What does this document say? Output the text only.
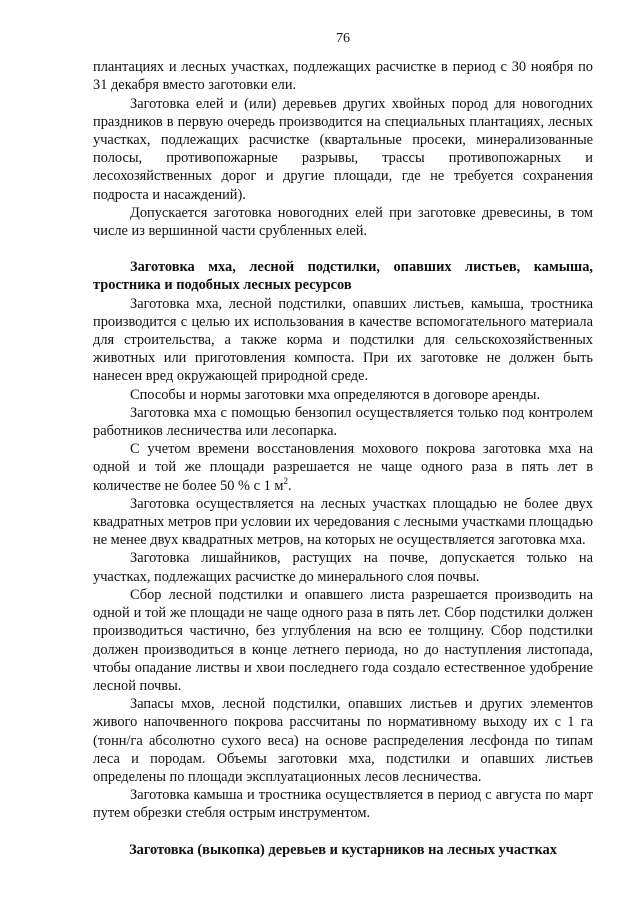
76

плантациях и лесных участках, подлежащих расчистке в период с 30 ноября по 31 декабря вместо заготовки ели.

Заготовка елей и (или) деревьев других хвойных пород для новогодних праздников в первую очередь производится на специальных плантациях, лесных участках, подлежащих расчистке (квартальные просеки, минерализованные полосы, противопожарные разрывы, трассы противопожарных и лесохозяйственных дорог и другие площади, где не требуется сохранения подроста и насаждений).

Допускается заготовка новогодних елей при заготовке древесины, в том числе из вершинной части срубленных елей.

Заготовка мха, лесной подстилки, опавших листьев, камыша, тростника и подобных лесных ресурсов

Заготовка мха, лесной подстилки, опавших листьев, камыша, тростника производится с целью их использования в качестве вспомогательного материала для строительства, а также корма и подстилки для сельскохозяйственных животных или приготовления компоста. При их заготовке не должен быть нанесен вред окружающей природной среде.

Способы и нормы заготовки мха определяются в договоре аренды.

Заготовка мха с помощью бензопил осуществляется только под контролем работников лесничества или лесопарка.

С учетом времени восстановления мохового покрова заготовка мха на одной и той же площади разрешается не чаще одного раза в пять лет в количестве не более 50 % с 1 $м^2$.

Заготовка осуществляется на лесных участках площадью не более двух квадратных метров при условии их чередования с лесными участками площадью не менее двух квадратных метров, на которых не осуществляется заготовка мха.

Заготовка лишайников, растущих на почве, допускается только на участках, подлежащих расчистке до минерального слоя почвы.

Сбор лесной подстилки и опавшего листа разрешается производить на одной и той же площади не чаще одного раза в пять лет. Сбор подстилки должен производиться частично, без углубления на всю ее толщину. Сбор подстилки должен производиться в конце летнего периода, но до наступления листопада, чтобы опадание листвы и хвои последнего года создало естественное удобрение лесной почвы.

Запасы мхов, лесной подстилки, опавших листьев и других элементов живого напочвенного покрова рассчитаны по нормативному выходу их с 1 га (тонн/га абсолютно сухого веса) на основе распределения лесфонда по типам леса и породам. Объемы заготовки мха, подстилки и опавших листьев определены по площади эксплуатационных лесов лесничества.

Заготовка камыша и тростника осуществляется в период с августа по март путем обрезки стебля острым инструментом.

Заготовка (выкопка) деревьев и кустарников на лесных участках
